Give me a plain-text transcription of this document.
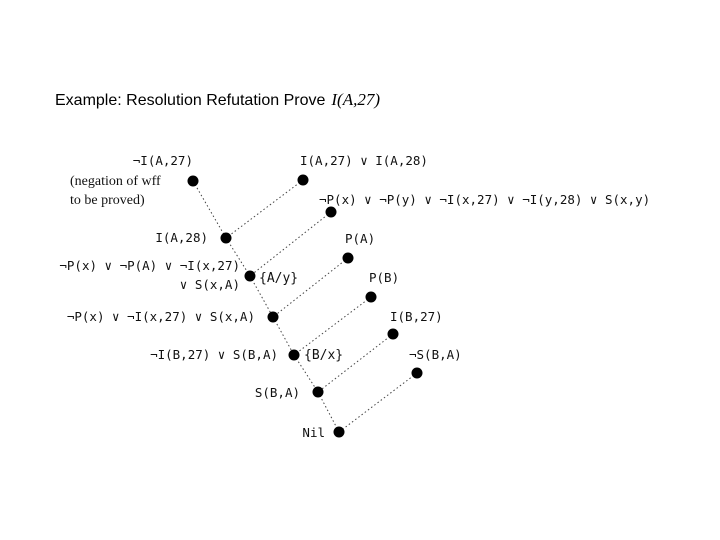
Example: Resolution Refutation Prove I(A,27)
¬I(A,27)
(negation of wff
to be proved)
I(A,27) ∨ I(A,28)
¬P(x) ∨ ¬P(y) ∨ ¬I(x,27) ∨ ¬I(y,28) ∨ S(x,y)
I(A,28)	P(A)
¬P(x) ∨ ¬P(A) ∨ ¬I(x,27)
∨ S(x,A) {A/y}	P(B)
¬P(x) ∨ ¬I(x,27) ∨ S(x,A)	I(B,27)
¬I(B,27) ∨ S(B,A) {B/x}	¬S(B,A)
S(B,A)
Nil
